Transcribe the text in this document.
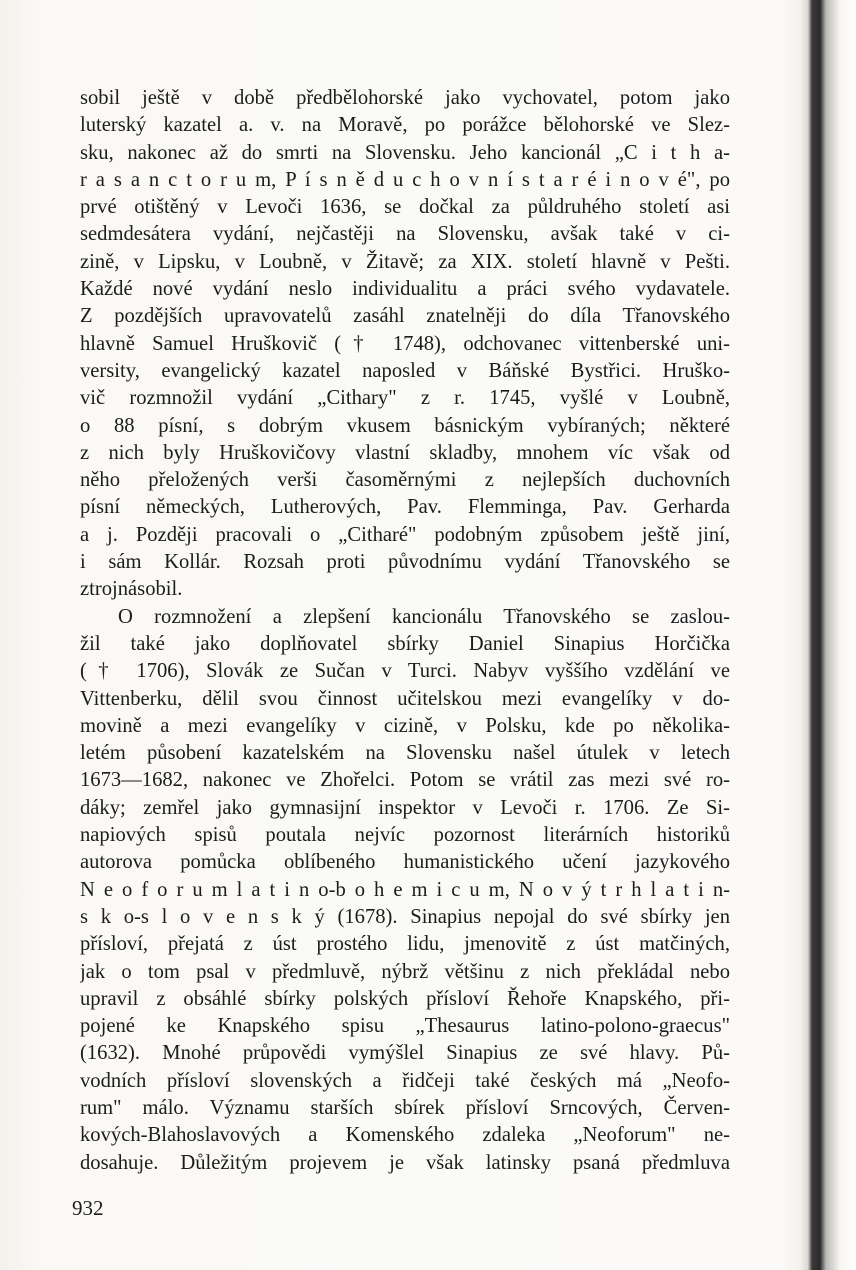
sobil ještě v době předbělohorské jako vychovatel, potom jako
luterský kazatel a. v. na Moravě, po porážce bělohorské ve Slez-
sku, nakonec až do smrti na Slovensku. Jeho kancionál „C i t h a-
r a s a n c t o r u m, P í s n ě d u c h o v n í s t a r é i n o v é", po
prvé otištěný v Levoči 1636, se dočkal za půldruhého století asi
sedmdesátera vydání, nejčastěji na Slovensku, avšak také v ci-
zině, v Lipsku, v Loubně, v Žitavě; za XIX. století hlavně v Pešti.
Každé nové vydání neslo individualitu a práci svého vydavatele.
Z pozdějších upravovatelů zasáhl znatelněji do díla Třanovského
hlavně Samuel Hruškovič († 1748), odchovanec vittenberské uni-
versity, evangelický kazatel naposled v Báňské Bystřici. Hruško-
vič rozmnožil vydání „Cithary" z r. 1745, vyšlé v Loubně,
o 88 písní, s dobrým vkusem básnickým vybíraných; některé
z nich byly Hruškovičovy vlastní skladby, mnohem víc však od
něho přeložených verši časoměrnými z nejlepších duchovních
písní německých, Lutherových, Pav. Flemminga, Pav. Gerharda
a j. Později pracovali o „Citharé" podobným způsobem ještě jiní,
i sám Kollár. Rozsah proti původnímu vydání Třanovského se
ztrojnásobil.
O rozmnožení a zlepšení kancionálu Třanovského se zaslou-
žil také jako doplňovatel sbírky Daniel Sinapius Horčička
(† 1706), Slovák ze Sučan v Turci. Nabyv vyššího vzdělání ve
Vittenberku, dělil svou činnost učitelskou mezi evangelíky v do-
movině a mezi evangelíky v cizině, v Polsku, kde po několika-
letém působení kazatelském na Slovensku našel útulek v letech
1673—1682, nakonec ve Zhořelci. Potom se vrátil zas mezi své ro-
dáky; zemřel jako gymnasijní inspektor v Levoči r. 1706. Ze Si-
napiových spisů poutala nejvíc pozornost literárních historiků
autorova pomůcka oblíbeného humanistického učení jazykového
N e o f o r u m l a t i n o-b o h e m i c u m, N o v ý t r h l a t i n-
s k o-s l o v e n s k ý (1678). Sinapius nepojal do své sbírky jen
přísloví, přejatá z úst prostého lidu, jmenovitě z úst matčiných,
jak o tom psal v předmluvě, nýbrž většinu z nich překládal nebo
upravil z obsáhlé sbírky polských přísloví Řehoře Knapského, při-
pojené ke Knapského spisu „Thesaurus latino-polono-graecus"
(1632). Mnohé průpovědi vymýšlel Sinapius ze své hlavy. Pů-
vodních přísloví slovenských a řidčeji také českých má „Neofo-
rum" málo. Významu starších sbírek přísloví Srncových, Červen-
kových-Blahoslavových a Komenského zdaleka „Neoforum" ne-
dosahuje. Důležitým projevem je však latinsky psaná předmluva
932
